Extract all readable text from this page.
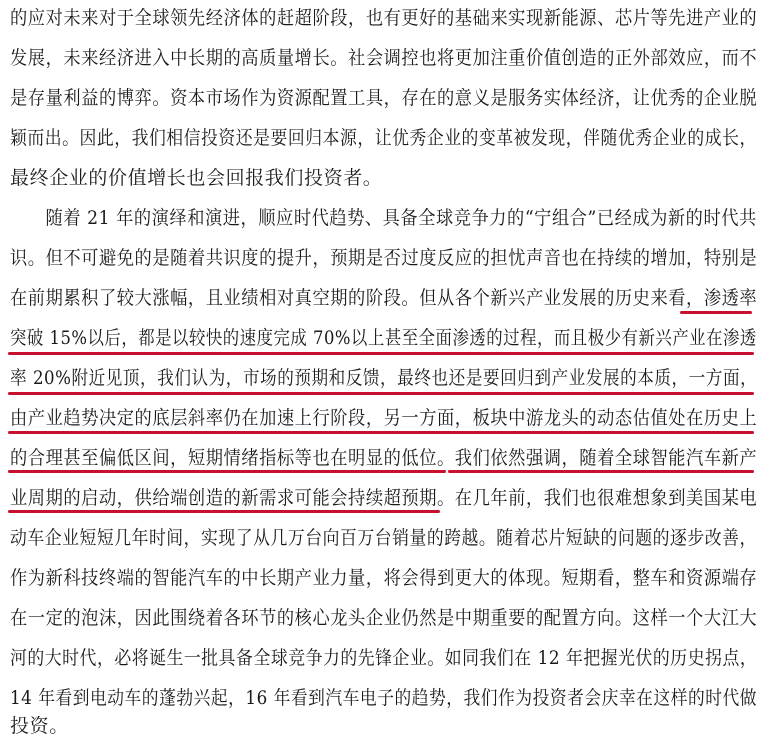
的应对未来对于全球领先经济体的赶超阶段，也有更好的基础来实现新能源、芯片等先进产业的
发展，未来经济进入中长期的高质量增长。社会调控也将更加注重价值创造的正外部效应，而不
是存量利益的博弈。资本市场作为资源配置工具，存在的意义是服务实体经济，让优秀的企业脱
颖而出。因此，我们相信投资还是要回归本源，让优秀企业的变革被发现，伴随优秀企业的成长，
最终企业的价值增长也会回报我们投资者。
　　随着 21 年的演绎和演进，顺应时代趋势、具备全球竞争力的“宁组合”已经成为新的时代共
识。但不可避免的是随着共识度的提升，预期是否过度反应的担忧声音也在持续的增加，特别是
在前期累积了较大涨幅，且业绩相对真空期的阶段。但从各个新兴产业发展的历史来看，渗透率
突破 15%以后，都是以较快的速度完成 70%以上甚至全面渗透的过程，而且极少有新兴产业在渗透
率 20%附近见顶，我们认为，市场的预期和反馈，最终也还是要回归到产业发展的本质，一方面，
由产业趋势决定的底层斜率仍在加速上行阶段，另一方面，板块中游龙头的动态估值处在历史上
的合理甚至偏低区间，短期情绪指标等也在明显的低位。我们依然强调，随着全球智能汽车新产
业周期的启动，供给端创造的新需求可能会持续超预期。在几年前，我们也很难想象到美国某电
动车企业短短几年时间，实现了从几万台向百万台销量的跨越。随着芯片短缺的问题的逐步改善，
作为新科技终端的智能汽车的中长期产业力量，将会得到更大的体现。短期看，整车和资源端存
在一定的泡沫，因此围绕着各环节的核心龙头企业仍然是中期重要的配置方向。这样一个大江大
河的大时代，必将诞生一批具备全球竞争力的先锋企业。如同我们在 12 年把握光伏的历史拐点，
14 年看到电动车的蓬勃兴起，16 年看到汽车电子的趋势，我们作为投资者会庆幸在这样的时代做
投资。
